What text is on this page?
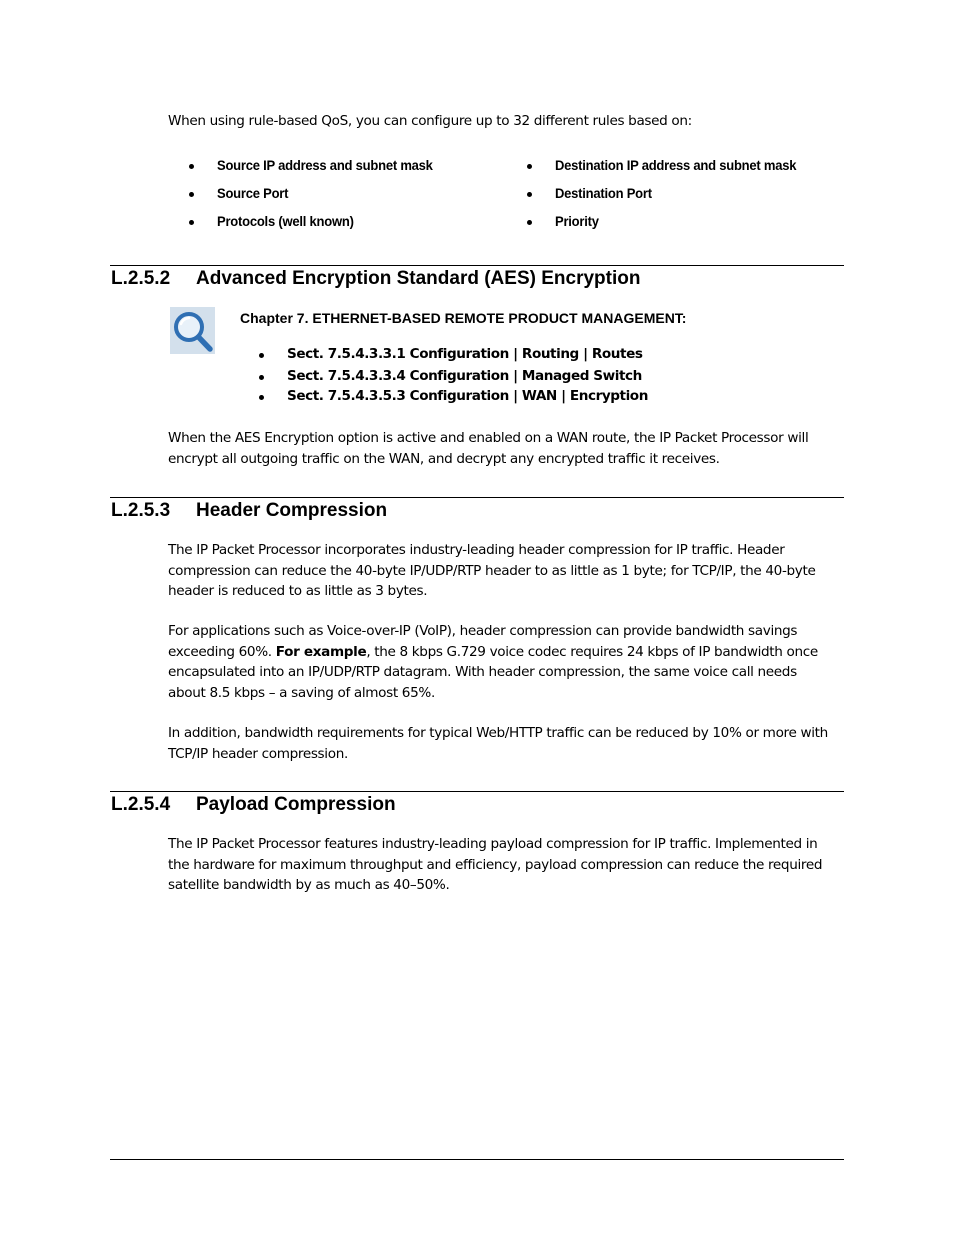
When using rule-based QoS, you can configure up to 32 different rules based on:

Source IP address and subnet mask
Source Port
Protocols (well known)
Destination IP address and subnet mask
Destination Port
Priority
L.2.5.2 Advanced Encryption Standard (AES) Encryption
Chapter 7. ETHERNET-BASED REMOTE PRODUCT MANAGEMENT:
Sect. 7.5.4.3.3.1 Configuration | Routing | Routes
Sect. 7.5.4.3.3.4 Configuration | Managed Switch
Sect. 7.5.4.3.5.3 Configuration | WAN | Encryption

When the AES Encryption option is active and enabled on a WAN route, the IP Packet Processor will encrypt all outgoing traffic on the WAN, and decrypt any encrypted traffic it receives.

L.2.5.3 Header Compression

The IP Packet Processor incorporates industry-leading header compression for IP traffic. Header compression can reduce the 40-byte IP/UDP/RTP header to as little as 1 byte; for TCP/IP, the 40-byte header is reduced to as little as 3 bytes.

For applications such as Voice-over-IP (VoIP), header compression can provide bandwidth savings exceeding 60%. For example, the 8 kbps G.729 voice codec requires 24 kbps of IP bandwidth once encapsulated into an IP/UDP/RTP datagram. With header compression, the same voice call needs about 8.5 kbps – a saving of almost 65%.

In addition, bandwidth requirements for typical Web/HTTP traffic can be reduced by 10% or more with TCP/IP header compression.

L.2.5.4 Payload Compression

The IP Packet Processor features industry-leading payload compression for IP traffic. Implemented in the hardware for maximum throughput and efficiency, payload compression can reduce the required satellite bandwidth by as much as 40–50%.
